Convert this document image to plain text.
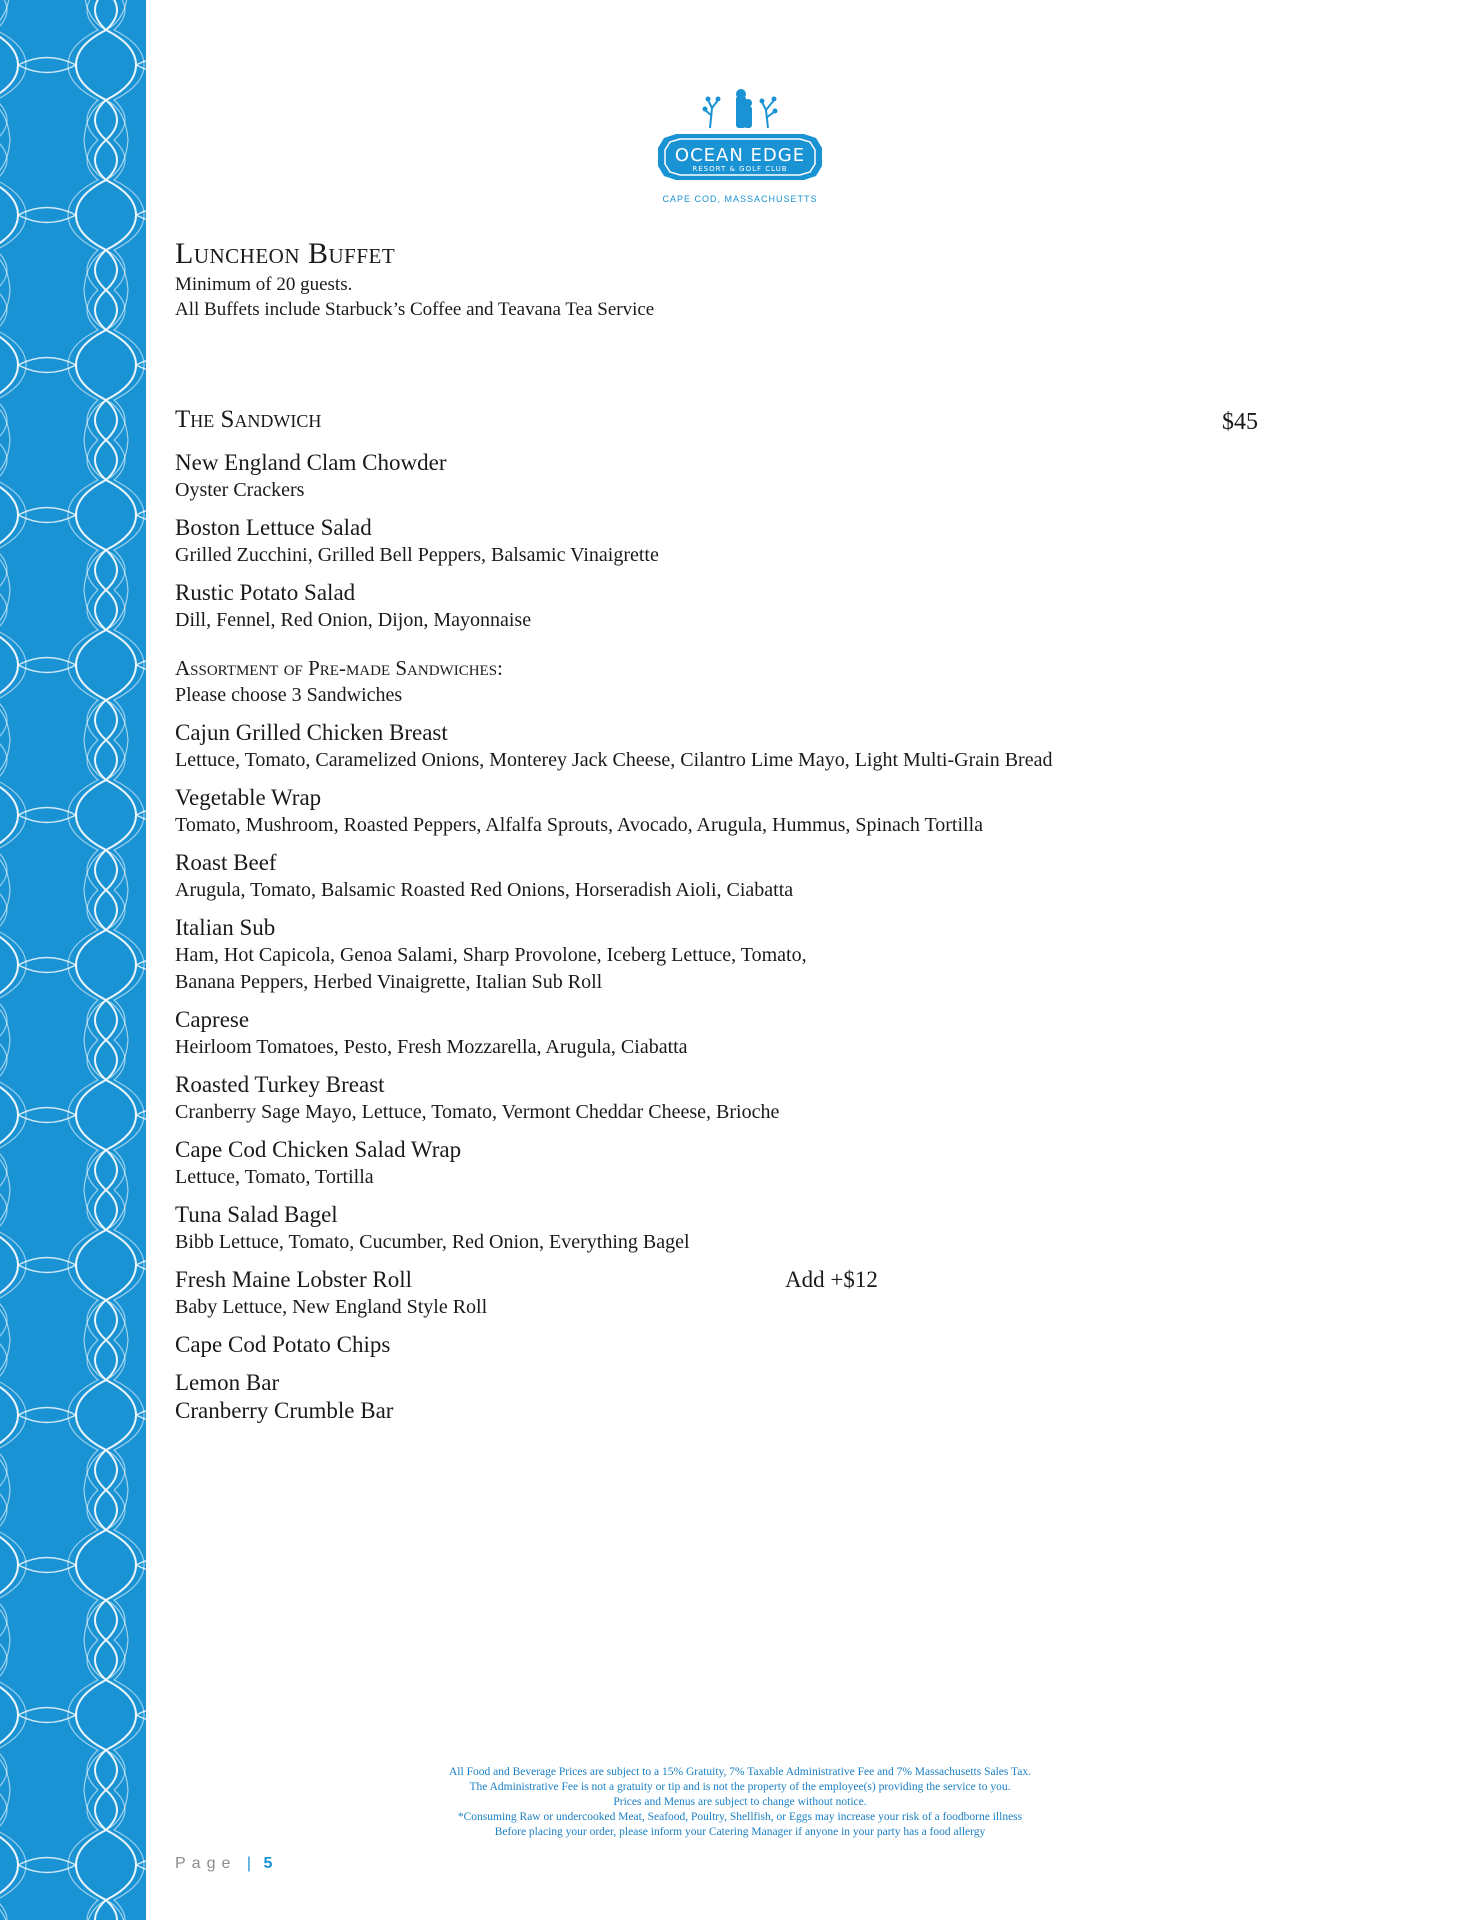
OCEAN EDGE
RESORT & GOLF CLUB
CAPE COD, MASSACHUSETTS
Luncheon Buffet

Minimum of 20 guests.

All Buffets include Starbuck’s Coffee and Teavana Tea Service

The Sandwich	$45
New England Clam Chowder
Oyster Crackers
Boston Lettuce Salad
Grilled Zucchini, Grilled Bell Peppers, Balsamic Vinaigrette
Rustic Potato Salad
Dill, Fennel, Red Onion, Dijon, Mayonnaise
Assortment of Pre-made Sandwiches:
Please choose 3 Sandwiches
Cajun Grilled Chicken Breast
Lettuce, Tomato, Caramelized Onions, Monterey Jack Cheese, Cilantro Lime Mayo, Light Multi-Grain Bread
Vegetable Wrap
Tomato, Mushroom, Roasted Peppers, Alfalfa Sprouts, Avocado, Arugula, Hummus, Spinach Tortilla
Roast Beef
Arugula, Tomato, Balsamic Roasted Red Onions, Horseradish Aioli, Ciabatta
Italian Sub
Ham, Hot Capicola, Genoa Salami, Sharp Provolone, Iceberg Lettuce, Tomato,
Banana Peppers, Herbed Vinaigrette, Italian Sub Roll
Caprese
Heirloom Tomatoes, Pesto, Fresh Mozzarella, Arugula, Ciabatta
Roasted Turkey Breast
Cranberry Sage Mayo, Lettuce, Tomato, Vermont Cheddar Cheese, Brioche
Cape Cod Chicken Salad Wrap
Lettuce, Tomato, Tortilla
Tuna Salad Bagel
Bibb Lettuce, Tomato, Cucumber, Red Onion, Everything Bagel
Fresh Maine Lobster Roll	Add +$12
Baby Lettuce, New England Style Roll
Cape Cod Potato Chips
Lemon Bar
Cranberry Crumble Bar
All Food and Beverage Prices are subject to a 15% Gratuity, 7% Taxable Administrative Fee and 7% Massachusetts Sales Tax.
The Administrative Fee is not a gratuity or tip and is not the property of the employee(s) providing the service to you.
Prices and Menus are subject to change without notice.
*Consuming Raw or undercooked Meat, Seafood, Poultry, Shellfish, or Eggs may increase your risk of a foodborne illness
Before placing your order, please inform your Catering Manager if anyone in your party has a food allergy
Page | 5
